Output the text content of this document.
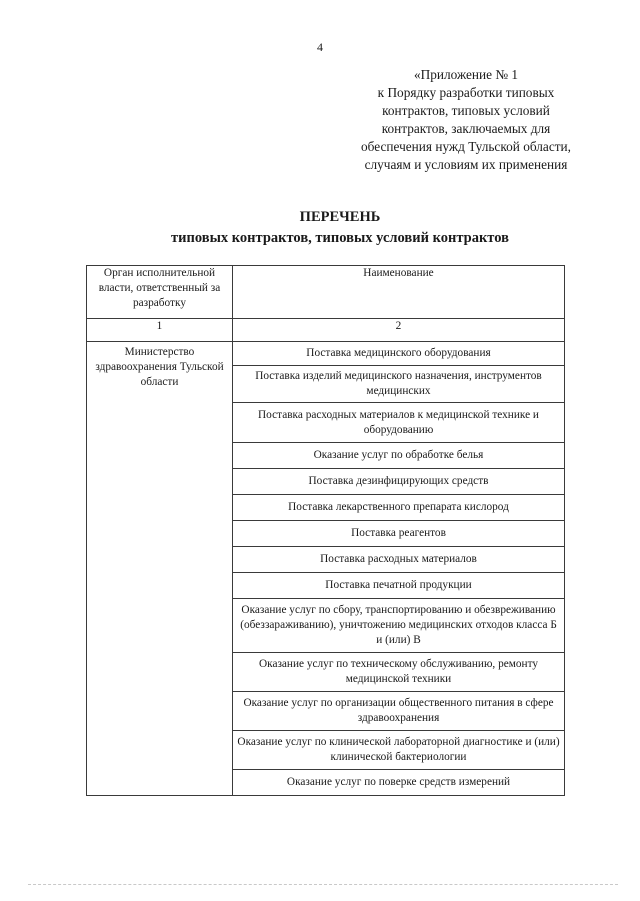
4
«Приложение № 1
к Порядку разработки типовых
контрактов, типовых условий
контрактов, заключаемых для
обеспечения нужд Тульской области,
случаям и условиям их применения
ПЕРЕЧЕНЬ
типовых контрактов, типовых условий контрактов
Орган исполнительной власти, ответственный за разработку	Наименование
1	2
Министерство здравоохранения Тульской области	Поставка медицинского оборудования
	Поставка изделий медицинского назначения, инструментов медицинских
	Поставка расходных материалов к медицинской технике и оборудованию
	Оказание услуг по обработке белья
	Поставка дезинфицирующих средств
	Поставка лекарственного препарата кислород
	Поставка реагентов
	Поставка расходных материалов
	Поставка печатной продукции
	Оказание услуг по сбору, транспортированию и обезвреживанию (обеззараживанию), уничтожению медицинских отходов класса Б и (или) В
	Оказание услуг по техническому обслуживанию, ремонту медицинской техники
	Оказание услуг по организации общественного питания в сфере здравоохранения
	Оказание услуг по клинической лабораторной диагностике и (или) клинической бактериологии
	Оказание услуг по поверке средств измерений
